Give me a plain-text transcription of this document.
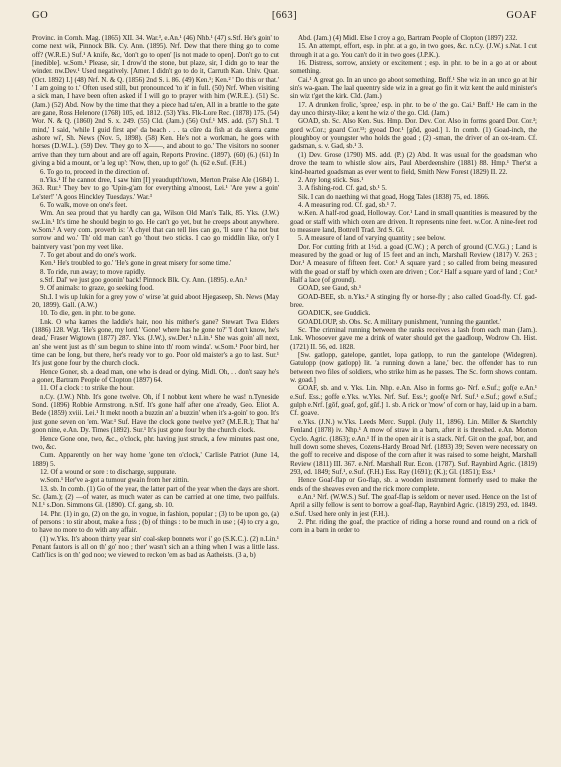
GO	[663]	GOAF

Provinc. in Cornh. Mag. (1865) XII. 34. War.³, e.An.¹ (46) Nhb.¹ (47) s.Stf. He's goin' to come next wik, Pinnock Blk. Cy. Ann. (1895). Nrf. Dew that there thing go to come off? (W.R.E.) Suf.¹ A knife, &c, 'don't go to open' [is not made to open]. Don't go to cut [inedible]. w.Som.¹ Please, sir, I drow'd the stone, but plaze, sir, I didn go to tear the winder. nw.Dev.¹ Used negatively. [Amer. I didn't go to do it, Carruth Kan. Univ. Quar. (Oct. 1892) I.] (48) Nrf. N. & Q. (1856) 2nd S. i. 86. (49) Ken.¹; Ken.² ' Do this or that.' ' I am going to t.' Often used still, but pronounced 'to it' in full. (50) Nrf. When visiting a sick man, I have been often asked if I will go to prayer with him (W.R.E.). (51) Sc. (Jam.) (52) Abd. Now by the time that they a piece had ta'en, All in a brattle to the gate are gane, Ross Helenore (1768) 105, ed. 1812. (53) Yks. Flk-Lore Rec. (1878) 175. (54) Wor. N. & Q. (1860) 2nd S. x. 249. (55) Cld. (Jam.) (56) Oxf.¹ MS. add. (57) Sh.I. 'I mind,' I said, 'while I guid first ape' da beach . . . ta cûre da fish at da skerra came ashore wi', Sh. News (Nov. 5, 1898). (58) Ken. He's not a workman, he goes with horses (D.W.L.). (59) Dev. 'They go to X——, and about to go.' The visitors no sooner arrive than they turn about and are off again, Reports Provinc. (1897). (60) (6.) (61) In giving a bid a mount, or 'a leg up': 'Now, then, up to go!' (h. (62 e.Suf. (F.H.)

6. To go to, proceed in the direction of.

n.Yks.¹ If he cannot dree, I saw him [I] yeaudupth'town, Merton Praise Ale (1684) 1. 363. Rur.¹ They bev to go 'Upin-g'am for everything a'moost, Lei.¹ 'Are yew a goin' Le'ster!' 'A goos Hinckley Tuesdays.' War.³

6. To walk, move on one's feet.

Wm. An sea proud that yu hardly can ga, Wilson Old Man's Talk, 85. Yks. (J.W.) sw.Lin.¹ It's time he should begin to go. He can't go yet, but he creeps about anywhere. w.Som.¹ A very com. proverb is: 'A chyel that can tell lies can go, 'll sure t' ha not but sorrow and wo.' Th' old man can't go 'thout two sticks. I cao go middlin like, on'y I baintvery vast 'pon my veet like.

7. To get about and do one's work.

Ken.¹ He's troubled to go.' 'He's gone in great misery for some time.'

8. To ride, run away; to move rapidly.

s.Stf. Dal' we just goo goonin' back! Pinnock Blk. Cy. Ann. (1895). e.An.¹

9. Of animals: to graze, go seeking food.

Sh.I. I wis up lukin for a grey yow o' wirse 'at guid aboot Hjegaseep, Sh. News (May 20, 1899). Gall. (A.W.)

10. To die, gen. in phr. to be gone.

Lnk. O wha kames the laddie's hair, noo his mither's gane? Stewart Twa Elders (1886) 128. Wgt. 'He's gone, my lord.' 'Gone! where has he gone to?' 'I don't know, he's dead,' Fraser Wigtown (1877) 287. Yks. (J.W.), sw.Der.¹ n.Lin.¹ She was goin' all next, an' she went just as th' sun begun to shine into th' room winda'. w.Som.¹ Poor bird, her time can be long, but there, her's ready vor to go. Poor old maister's a go to last. Sur.¹ It's just gone four by the church clock.

Hence Goner, sb. a dead man, one who is dead or dying. Midl. Oh, . . don't saay he's a goner, Bartram People of Clopton (1897) 64.

11. Of a clock : to strike the hour.

n.Cy. (J.W.) Nhb. It's gone twelve. Oh, if I nobbut kent where he was! n.Tyneside Sond. (1896) Robbie Armstrong. n.Stf. It's gone half after one a'ready, Geo. Eliot A. Bede (1859) xviii. Lei.¹ It mekt nooth a buzzin an' a buzzin' when it's a-goin' to goo. It's just gone seven on 'em. War.³ Suf. Have the clock gone twelve yet? (M.E.R.); That ha' goon nine, e.An. Dy. Times (1892). Sur.¹ It's just gone four by the church clock.

Hence Gone one, two, &c., o'clock, phr. having just struck, a few minutes past one, two, &c.

Cum. Apparently on her way home 'gone ten o'clock,' Carlisle Patriot (June 14, 1889) 5.

12. Of a wound or sore : to discharge, suppurate.

w.Som.¹ Her've a-got a tumour gwain from her zittin.

13. sb. In comb. (1) Go of the year, the latter part of the year when the days are short. Sc. (Jam.); (2) —of water, as much water as can be carried at one time, two pailfuls. N.I.¹ s.Don. Simmons Gl. (1890). Cf. gang, sb. 10.

14. Phr. (1) in go, (2) on the go, in vogue, in fashion, popular ; (3) to be upon go, (a) of persons : to stir about, make a fuss ; (b) of things : to be much in use ; (4) to cry a go, to have no more to do with any affair.

(1) w.Yks. It's aboon thirty year sin' coal-skep bonnets wor i' go (S.K.C.). (2) n.Lin.¹ Penant fautors is all on th' go' noo ; ther' wasn't sich an a thing when I was a little lass. Cath'lics is on th' god noo; we viewed to reckon 'em as bad as Aatheists. (3 a, b)

Abd. (Jam.) (4) Midl. Else I croy a go, Bartram People of Clopton (1897) 232.

15. An attempt, effort, esp. in phr. at a go, in two goes, &c. n.Cy. (J.W.) s.Nat. I cut through it at a go. You can't do it in two goes (J.P.K.).

16. Distress, sorrow, anxiety or excitement ; esp. in phr. to be in a go at or about something.

Cai.¹ A great go. In an unco go aboot something. Bnff.¹ She wiz in an unco go at hir sin's wa-gaan. The laal queentry side wiz in a great go fin it wiz kent the auld minister's sin wiz t'get the kirk. Cld. (Jam.)

17. A drunken frolic, 'spree,' esp. in phr. to be o' the go. Cai.¹ Bnff.¹ He cam in the day unco thirsty-like; a kent he wiz o' the go. Cld. (Jam.)

GOAD, sb. Sc. Also Ken. Sus. Hmp. Dor. Dev. Cor. Also in forms goard Dor. Cor.³; gord w.Cor.; goard Cor.¹³; gyoad Dor.¹ [gōd, goəd.] 1. In comb. (1) Goad-inch, the ploughboy or youngster who holds the goad ; (2) -sman, the driver of an ox-team. Cf. gadsman, s. v. Gad, sb.¹ 3.

(1) Dev. Grose (1790) MS. add. (P.) (2) Abd. It was usual for the goadsman who drove the team to whistle slow airs, Paul Aberdeenshire (1881) 88. Hmp.¹ Ther'st a kind-hearted goadsman as ever went to field, Smith New Forest (1829) II. 22.

2. Any long stick. Sus.¹

3. A fishing-rod. Cf. gad, sb.¹ 5.

Sik. I can do naething wi that goad, Hogg Tales (1838) 75, ed. 1866.

4. A measuring rod. Cf. gad, sb.¹ 7.

w.Ken. A half-rod goad, Holloway. Cor.¹ Land in small quantities is measured by the goad or staff with which oxen are driven. It represents nine feet. w.Cor. A nine-feet rod to measure land, Bottrell Trad. 3rd S. Gl.

5. A measure of land of varying quantity ; see below.

Dor. For cutting frith at 1½d. a goad (C.W.) ; A perch of ground (C.V.G.) ; Land is measured by the goad or lug of 15 feet and an inch, Marshall Review (1817) V. 263 ; Dor.¹ A measure of fifteen feet. Cor.¹ A square yard ; so called from being measured with the goad or staff by which oxen are driven ; Cor.² Half a square yard of land ; Cor.³ Half a lace (of ground).

GOAD, see Gaud, sb.¹

GOAD-BEE, sb. n.Yks.² A stinging fly or horse-fly ; also called Goad-fly. Cf. gad-bree.

GOADICK, see Guddick.

GOADLOUP, sb. Obs. Sc. A military punishment, 'running the gauntlet.'

Sc. The criminal running between the ranks receives a lash from each man (Jam.). Lnk. Whosoever gave me a drink of water should get the gaadloup, Wodrow Ch. Hist. (1721) II. 56, ed. 1828.

[Sw. gatlopp, gatelope, gantlet, lopa gatlopp, to run the gantelope (Widegren). Gatulopp (now gatlopp) lit. 'a running down a lane,' bec. the offender has to run between two files of soldiers, who strike him as he passes. The Sc. form shows contam. w. goad.]

GOAF, sb. and v. Yks. Lin. Nhp. e.An. Also in forms go- Nrf. e.Suf.; gof(e e.An.¹ e.Suf. Ess.; goffe e.Yks. w.Yks. Nrf. Suf. Ess.¹; goof(e Nrf. Suf.¹ e.Suf.; gowf e.Suf.; gulph e.Nrf. [gōf, goəf, gof, gūf.] 1. sb. A rick or 'mow' of corn or hay, laid up in a barn. Cf. goave.

e.Yks. (J.N.) w.Yks. Leeds Merc. Suppl. (July 11, 1896). Lin. Miller & Skertchly Fenland (1878) iv. Nhp.¹ A mow of straw in a barn, after it is threshed. e.An. Morton Cyclo. Agric. (1863); e.An.¹ If in the open air it is a stack. Nrf. Git on the goaf, bor, and hull down some sheves, Cozens-Hardy Broad Nrf. (1893) 39; Seven were necessary on the goff to receive and dispose of the corn after it was raised to some height, Marshall Review (1811) III. 367. e.Nrf. Marshall Rur. Econ. (1787). Suf. Raynbird Agric. (1819) 293, ed. 1849; Suf.¹, e.Suf. (F.H.) Ess. Ray (1691); (K.); Gl. (1851); Ess.¹

Hence Goaf-flap or Go-flap, sb. a wooden instrument formerly used to make the ends of the sheaves even and the rick more complete.

e.An.¹ Nrf. (W.W.S.) Suf. The goaf-flap is seldom or never used. Hence on the 1st of April a silly fellow is sent to borrow a goaf-flap, Raynbird Agric. (1819) 293, ed. 1849. e.Suf. Used here only in jest (F.H.).

2. Phr. riding the goaf, the practice of riding a horse round and round on a rick of corn in a barn in order to
